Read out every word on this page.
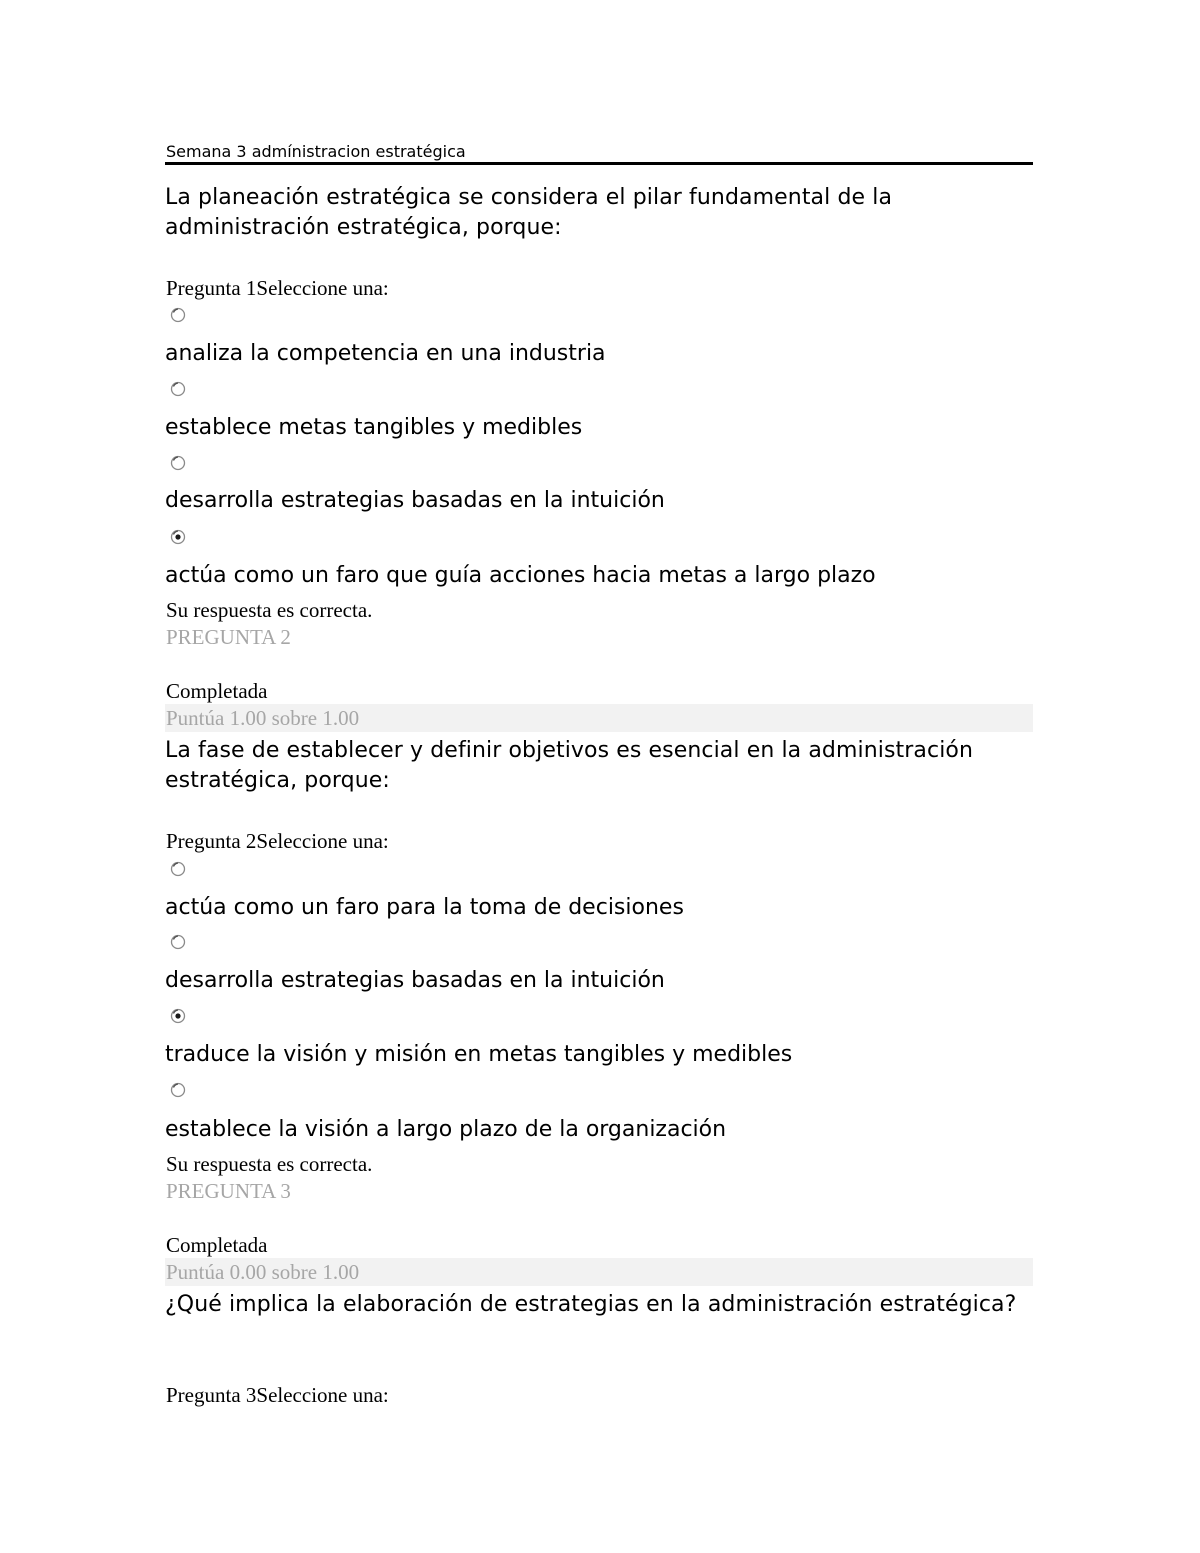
Semana 3 admínistracion estratégica
La planeación estratégica se considera el pilar fundamental de la administración estratégica, porque:
Pregunta 1Seleccione una:
analiza la competencia en una industria
establece metas tangibles y medibles
desarrolla estrategias basadas en la intuición
actúa como un faro que guía acciones hacia metas a largo plazo
Su respuesta es correcta.
PREGUNTA 2
Completada
Puntúa 1.00 sobre 1.00
La fase de establecer y definir objetivos es esencial en la administración estratégica, porque:
Pregunta 2Seleccione una:
actúa como un faro para la toma de decisiones
desarrolla estrategias basadas en la intuición
traduce la visión y misión en metas tangibles y medibles
establece la visión a largo plazo de la organización
Su respuesta es correcta.
PREGUNTA 3
Completada
Puntúa 0.00 sobre 1.00
¿Qué implica la elaboración de estrategias en la administración estratégica?
Pregunta 3Seleccione una:
